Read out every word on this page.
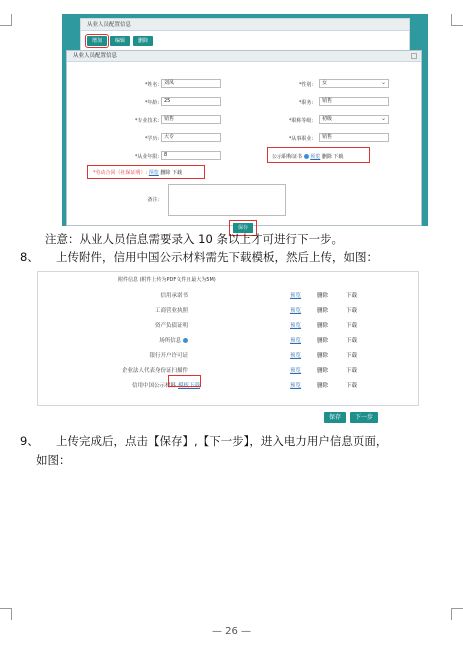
从业人员配置信息
增加	编辑	删除
从业人员配置信息
*姓名:	刘凤	*性别:	女 ⌄
*年龄:	25	*职务:	销售
*专业技术:	销售	*职称等级:	初级 ⌄
*学历:	大专	*从事职业:	销售
*从业年限:	8	公示职称证书 预览 删除 下载
*劳动合同（社保证明）: 预览 删除 下载
备注:
保存
注意：从业人员信息需要录入 10 条以上才可进行下一步。
8、 上传附件，信用中国公示材料需先下载模板，然后上传，如图：
附件信息 (附件上传为PDF文件且最大为5M)
信用承诺书	预览	删除	下载
工商营业执照	预览	删除	下载
资产负债证明	预览	删除	下载
场所信息	预览	删除	下载
银行开户许可证	预览	删除	下载
企业法人代表身份证扫描件	预览	删除	下载
信用中国公示材料 模板下载	预览	删除	下载
保存	下一步
9、 上传完成后，点击【保存】,【下一步】，进入电力用户信息页面，
如图：
— 26 —
